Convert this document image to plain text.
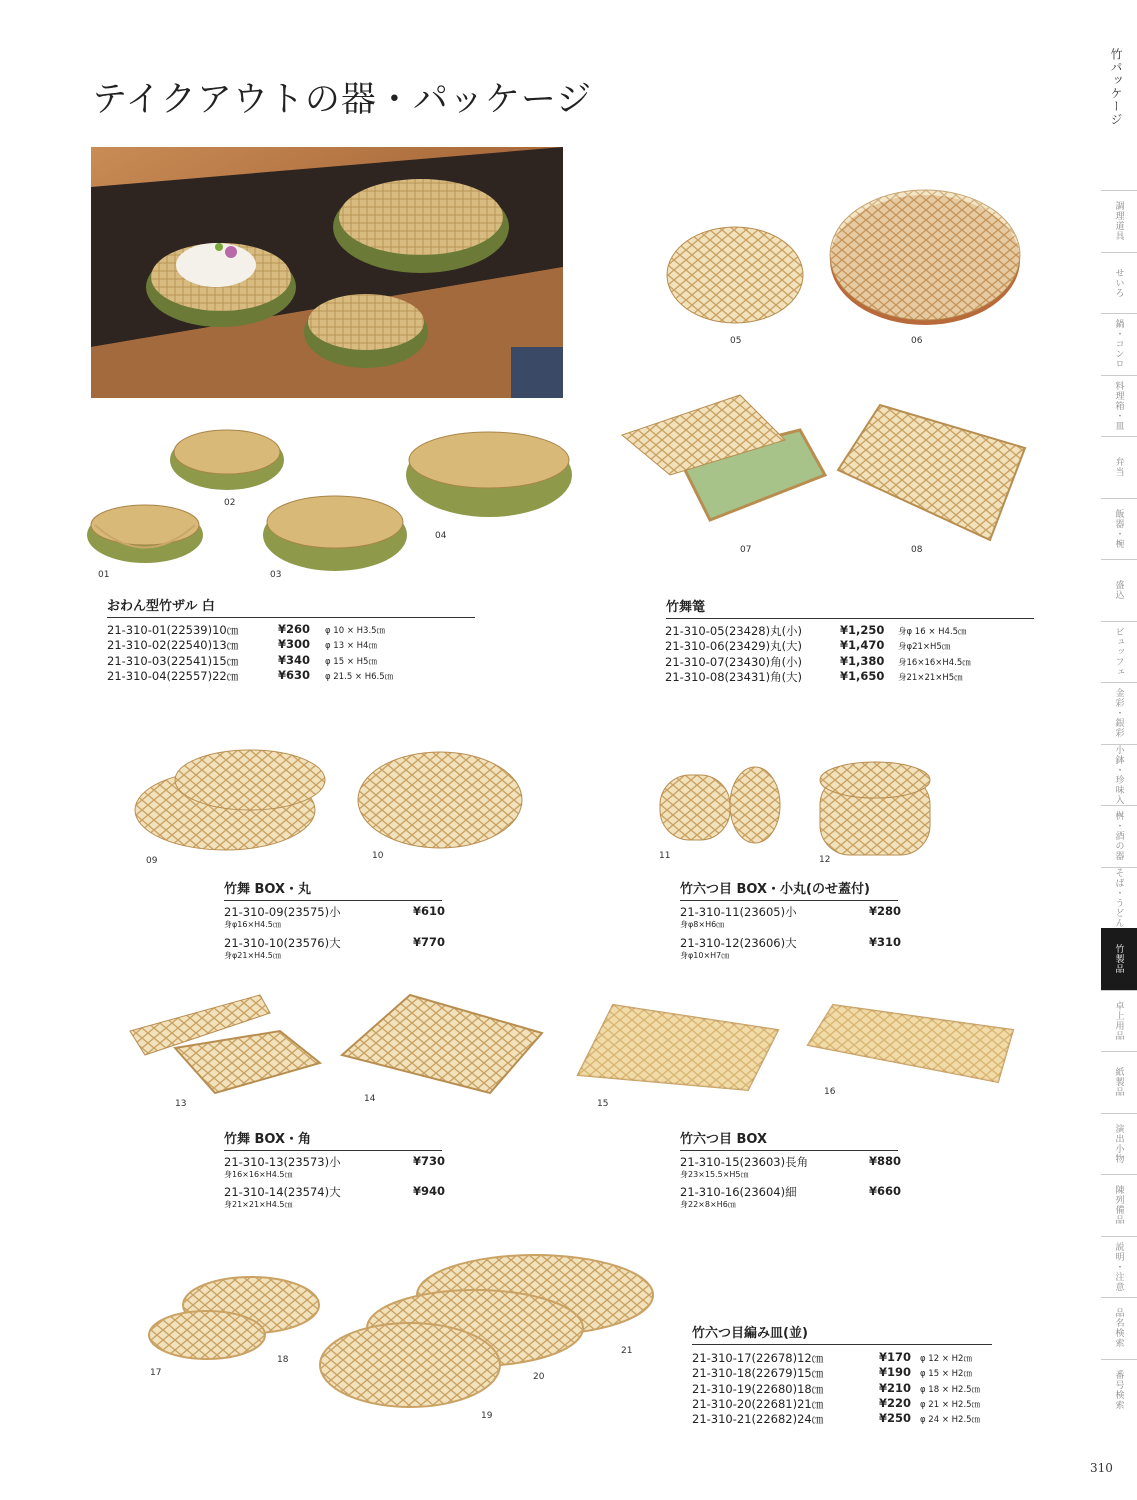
テイクアウトの器・パッケージ	竹パッケージ
調理道具
せいろ
鍋・コンロ
料理箱・皿
弁当
飯器・椀
盛込
ビュッフェ
金彩・銀彩
小鉢・珍味入
桝・酒の器
そば・うどん
竹製品
卓上用品
紙製品
演出小物
陳列備品
説明・注意
品名検索
番号検索
01
02
03
04
05	06
07	08
おわん型竹ザル 白
21-310-01(22539)10㎝	¥260 φ 10 × H3.5㎝
21-310-02(22540)13㎝	¥300 φ 13 × H4㎝
21-310-03(22541)15㎝	¥340 φ 15 × H5㎝
21-310-04(22557)22㎝	¥630 φ 21.5 × H6.5㎝
竹舞篭
21-310-05(23428)丸(小)	¥1,250 身φ 16 × H4.5㎝
21-310-06(23429)丸(大)	¥1,470 身φ21×H5㎝
21-310-07(23430)角(小)	¥1,380 身16×16×H4.5㎝
21-310-08(23431)角(大)	¥1,650 身21×21×H5㎝
09	10	11	12
竹舞 BOX・丸
21-310-09(23575)小	¥610
身φ16×H4.5㎝
21-310-10(23576)大	¥770
身φ21×H4.5㎝
竹六つ目 BOX・小丸(のせ蓋付)
21-310-11(23605)小	¥280
身φ8×H6㎝
21-310-12(23606)大	¥310
身φ10×H7㎝
13	14	15
16
竹舞 BOX・角
21-310-13(23573)小	¥730
身16×16×H4.5㎝
21-310-14(23574)大	¥940
身21×21×H4.5㎝
竹六つ目 BOX
21-310-15(23603)長角	¥880
身23×15.5×H5㎝
21-310-16(23604)細	¥660
身22×8×H6㎝
17
18
19
20
21
竹六つ目編み皿(並)
21-310-17(22678)12㎝	¥170 φ 12 × H2㎝
21-310-18(22679)15㎝	¥190 φ 15 × H2㎝
21-310-19(22680)18㎝	¥210 φ 18 × H2.5㎝
21-310-20(22681)21㎝	¥220 φ 21 × H2.5㎝
21-310-21(22682)24㎝	¥250 φ 24 × H2.5㎝
310
